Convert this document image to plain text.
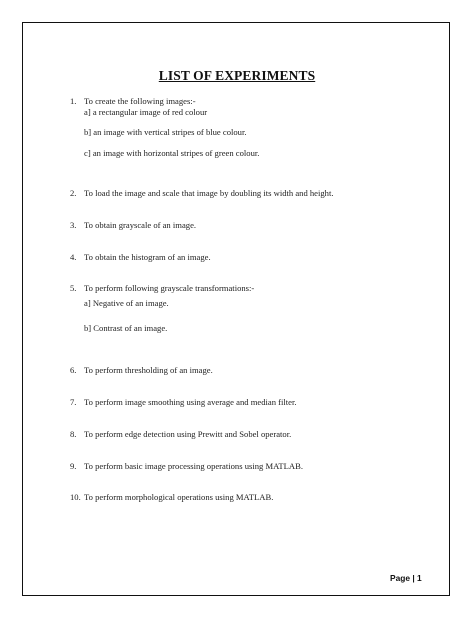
LIST OF EXPERIMENTS
1. To create the following images:-
a] a rectangular image of red colour
b] an image with vertical stripes of blue colour.
c] an image with horizontal stripes of green colour.
2. To load the image and scale that image by doubling its width and height.
3. To obtain grayscale of an image.
4. To obtain the histogram of an image.
5. To perform following grayscale transformations:-
a] Negative of an image.
b] Contrast of an image.
6. To perform thresholding of an image.
7. To perform image smoothing using average and median filter.
8. To perform edge detection using Prewitt and Sobel operator.
9. To perform basic image processing operations using MATLAB.
10. To perform morphological operations using MATLAB.
Page | 1
